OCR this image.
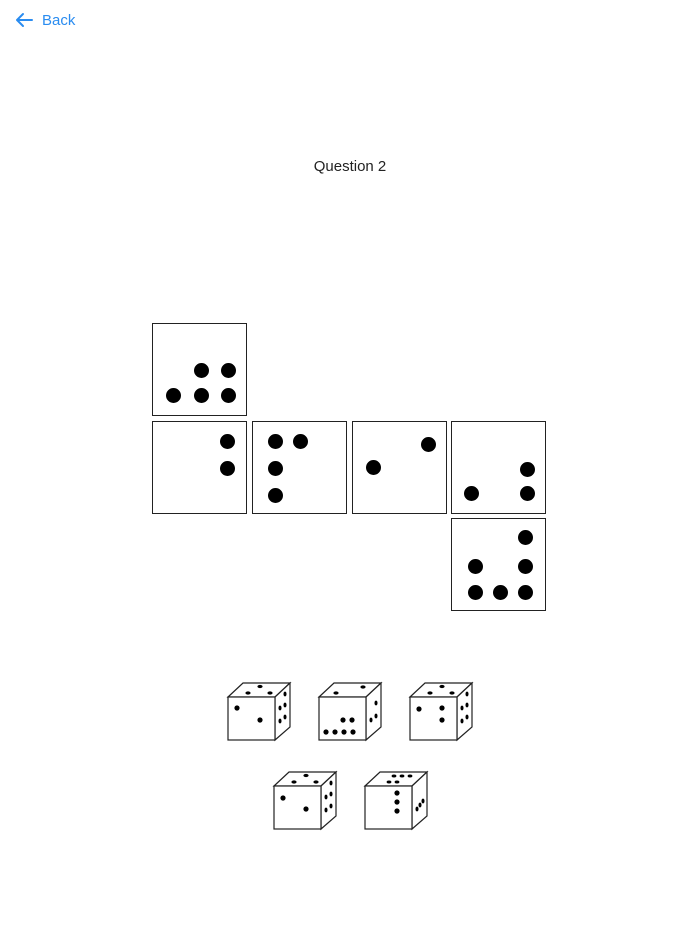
Back
Question 2
